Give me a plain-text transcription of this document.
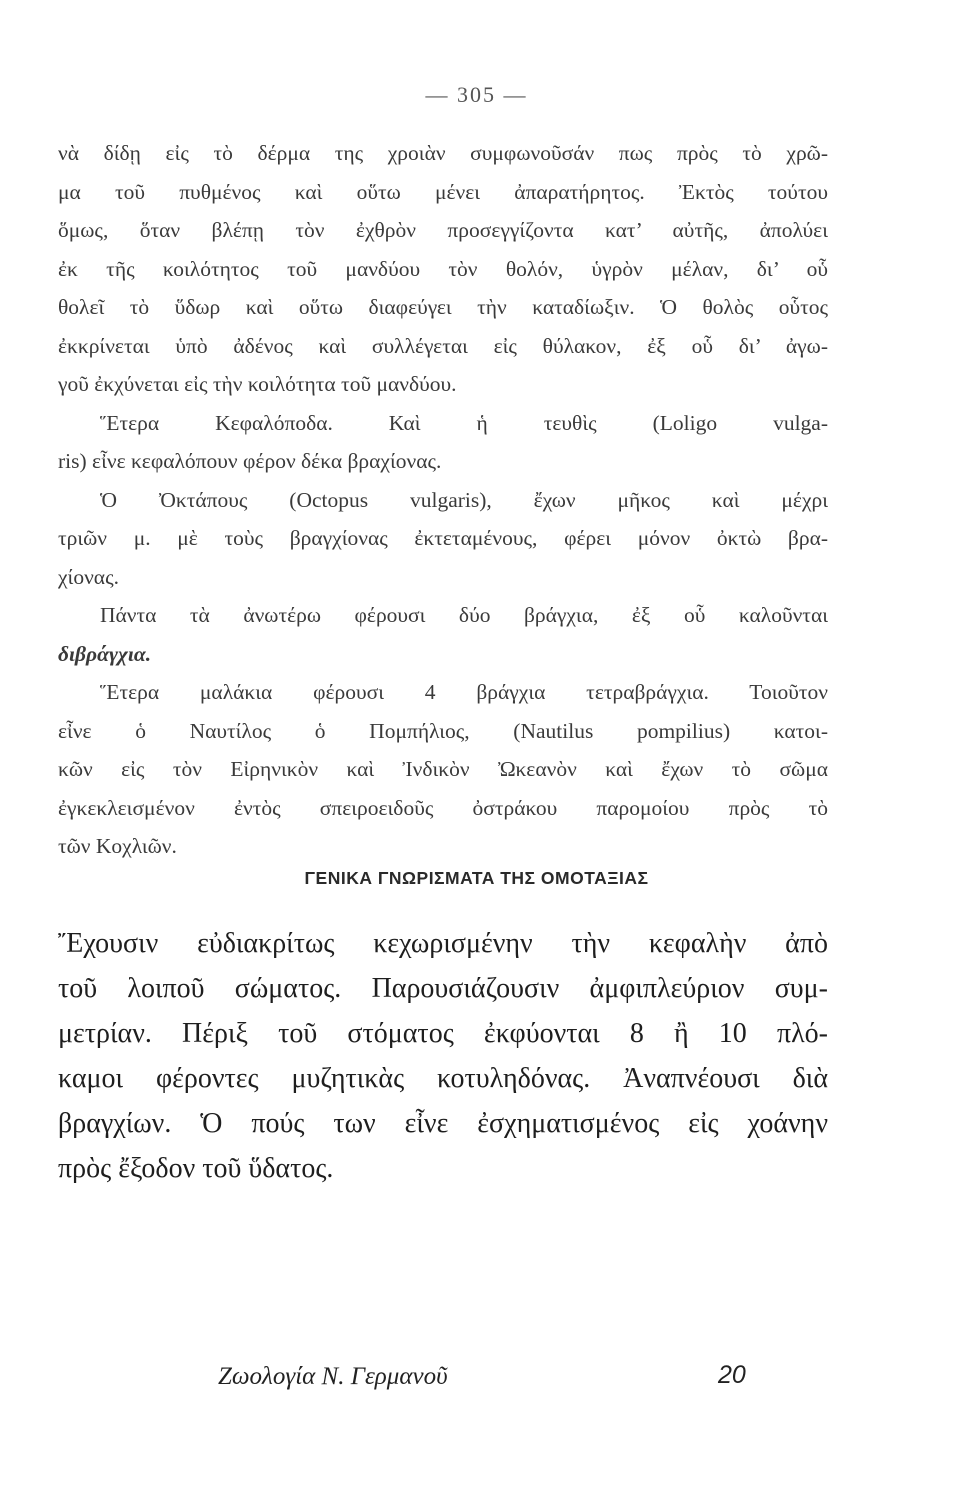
— 305 —
νὰ δίδῃ εἰς τὸ δέρμα της χροιὰν συμφωνοῦσάν πως πρὸς τὸ χρῶ-
μα τοῦ πυθμένος καὶ οὕτω μένει ἀπαρατήρητος. Ἐκτὸς τούτου
ὅμως, ὅταν βλέπῃ τὸν ἐχθρὸν προσεγγίζοντα κατ’ αὐτῆς, ἀπολύει
ἐκ τῆς κοιλότητος τοῦ μανδύου τὸν θολόν, ὑγρὸν μέλαν, δι’ οὗ
θολεῖ τὸ ὕδωρ καὶ οὕτω διαφεύγει τὴν καταδίωξιν. Ὁ θολὸς οὗτος
ἐκκρίνεται ὑπὸ ἀδένος καὶ συλλέγεται εἰς θύλακον, ἐξ οὗ δι’ ἀγω-
γοῦ ἐκχύνεται εἰς τὴν κοιλότητα τοῦ μανδύου.
Ἕτερα Κεφαλόποδα. Καὶ ἡ τευθὶς (Loligo vulga-
ris) εἶνε κεφαλόπουν φέρον δέκα βραχίονας.
Ὁ Ὀκτάπους (Octopus vulgaris), ἔχων μῆκος καὶ μέχρι
τριῶν μ. μὲ τοὺς βραγχίονας ἐκτεταμένους, φέρει μόνον ὀκτὼ βρα-
χίονας.
Πάντα τὰ ἀνωτέρω φέρουσι δύο βράγχια, ἐξ οὗ καλοῦνται
διβράγχια.
Ἕτερα μαλάκια φέρουσι 4 βράγχια τετραβράγχια. Τοιοῦτον
εἶνε ὁ Ναυτίλος ὁ Πομπήλιος, (Nautilus pompilius) κατοι-
κῶν εἰς τὸν Εἰρηνικὸν καὶ Ἰνδικὸν Ὠκεανὸν καὶ ἔχων τὸ σῶμα
ἐγκεκλεισμένον ἐντὸς σπειροειδοῦς ὀστράκου παρομοίου πρὸς τὸ
τῶν Κοχλιῶν.
ΓΕΝΙΚΑ ΓΝΩΡΙΣΜΑΤΑ ΤΗΣ ΟΜΟΤΑΞΙΑΣ
Ἔχουσιν εὐδιακρίτως κεχωρισμένην τὴν κεφαλὴν ἀπὸ
τοῦ λοιποῦ σώματος. Παρουσιάζουσιν ἀμφιπλεύριον συμ-
μετρίαν. Πέριξ τοῦ στόματος ἐκφύονται 8 ἢ 10 πλό-
καμοι φέροντες μυζητικὰς κοτυληδόνας. Ἀναπνέουσι διὰ
βραγχίων. Ὁ πούς των εἶνε ἐσχηματισμένος εἰς χοάνην
πρὸς ἔξοδον τοῦ ὕδατος.
Ζωολογία Ν. Γερμανοῦ	20
